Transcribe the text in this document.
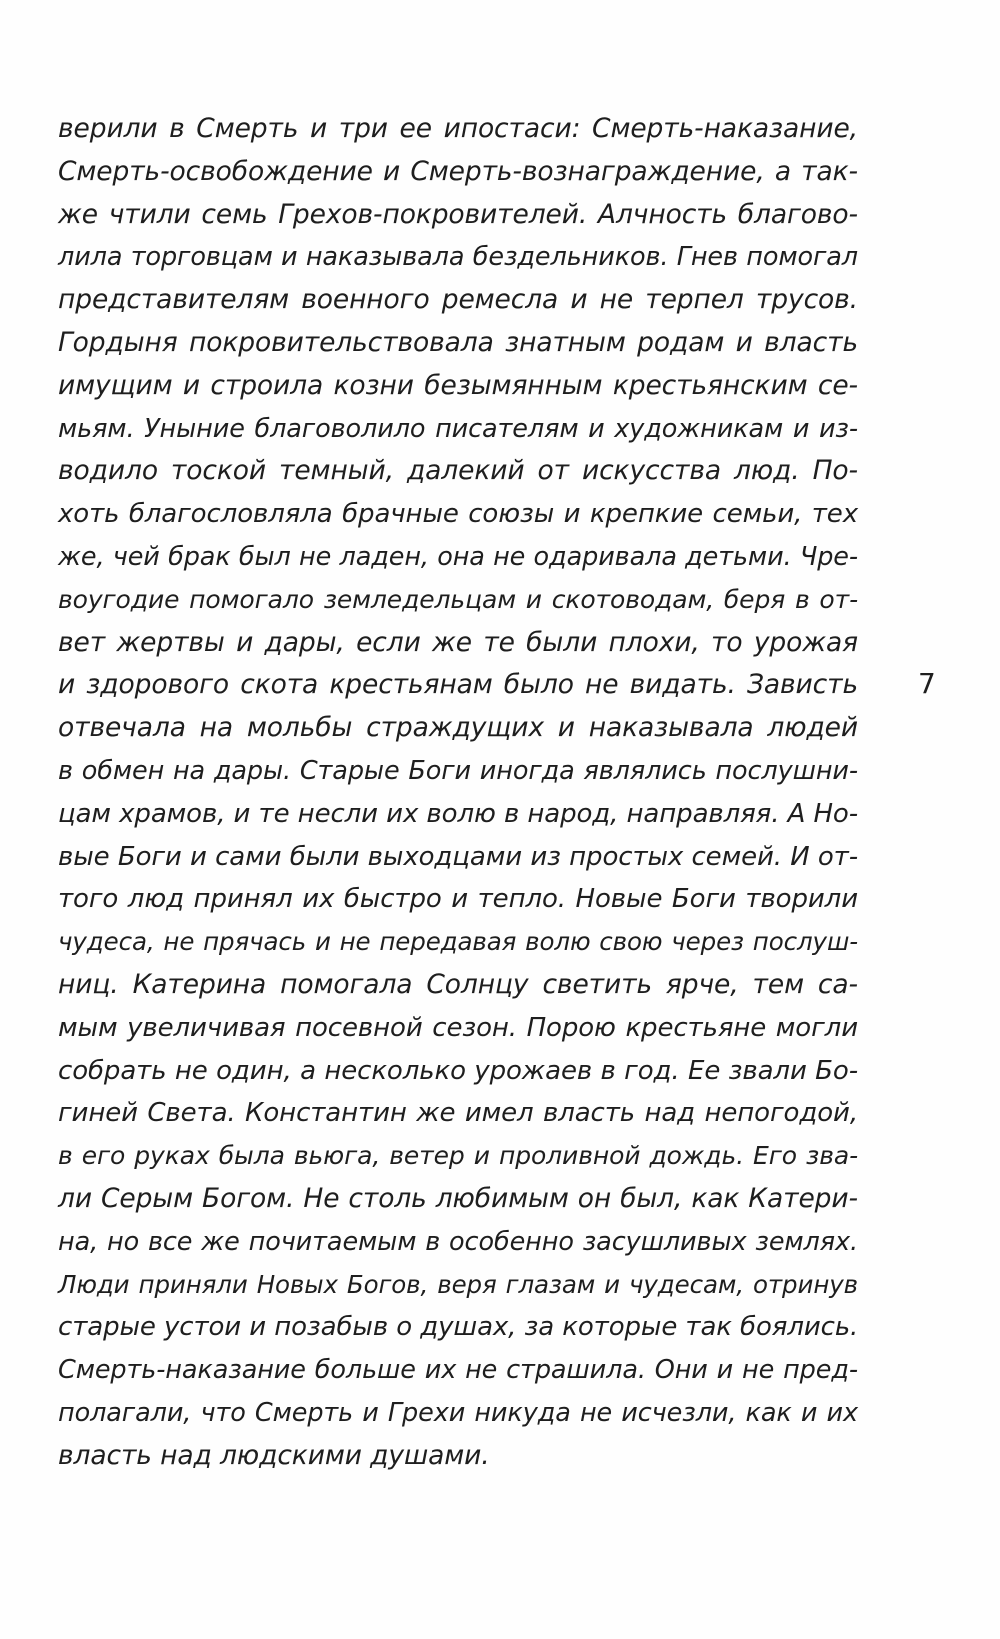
верили в Смерть и три ее ипостаси: Смерть-наказание,
Смерть-освобождение и Смерть-вознаграждение, а так-
же чтили семь Грехов-покровителей. Алчность благово-
лила торговцам и наказывала бездельников. Гнев помогал
представителям военного ремесла и не терпел трусов.
Гордыня покровительствовала знатным родам и власть
имущим и строила козни безымянным крестьянским се-
мьям. Уныние благоволило писателям и художникам и из-
водило тоской темный, далекий от искусства люд. По-
хоть благословляла брачные союзы и крепкие семьи, тех
же, чей брак был не ладен, она не одаривала детьми. Чре-
воугодие помогало земледельцам и скотоводам, беря в от-
вет жертвы и дары, если же те были плохи, то урожая
и здорового скота крестьянам было не видать. Зависть
отвечала на мольбы страждущих и наказывала людей
в обмен на дары. Старые Боги иногда являлись послушни-
цам храмов, и те несли их волю в народ, направляя. А Но-
вые Боги и сами были выходцами из простых семей. И от-
того люд принял их быстро и тепло. Новые Боги творили
чудеса, не прячась и не передавая волю свою через послуш-
ниц. Катерина помогала Солнцу светить ярче, тем са-
мым увеличивая посевной сезон. Порою крестьяне могли
собрать не один, а несколько урожаев в год. Ее звали Бо-
гиней Света. Константин же имел власть над непогодой,
в его руках была вьюга, ветер и проливной дождь. Его зва-
ли Серым Богом. Не столь любимым он был, как Катери-
на, но все же почитаемым в особенно засушливых землях.
Люди приняли Новых Богов, веря глазам и чудесам, отринув
старые устои и позабыв о душах, за которые так боялись.
Смерть-наказание больше их не страшила. Они и не пред-
полагали, что Смерть и Грехи никуда не исчезли, как и их
власть над людскими душами.
7
